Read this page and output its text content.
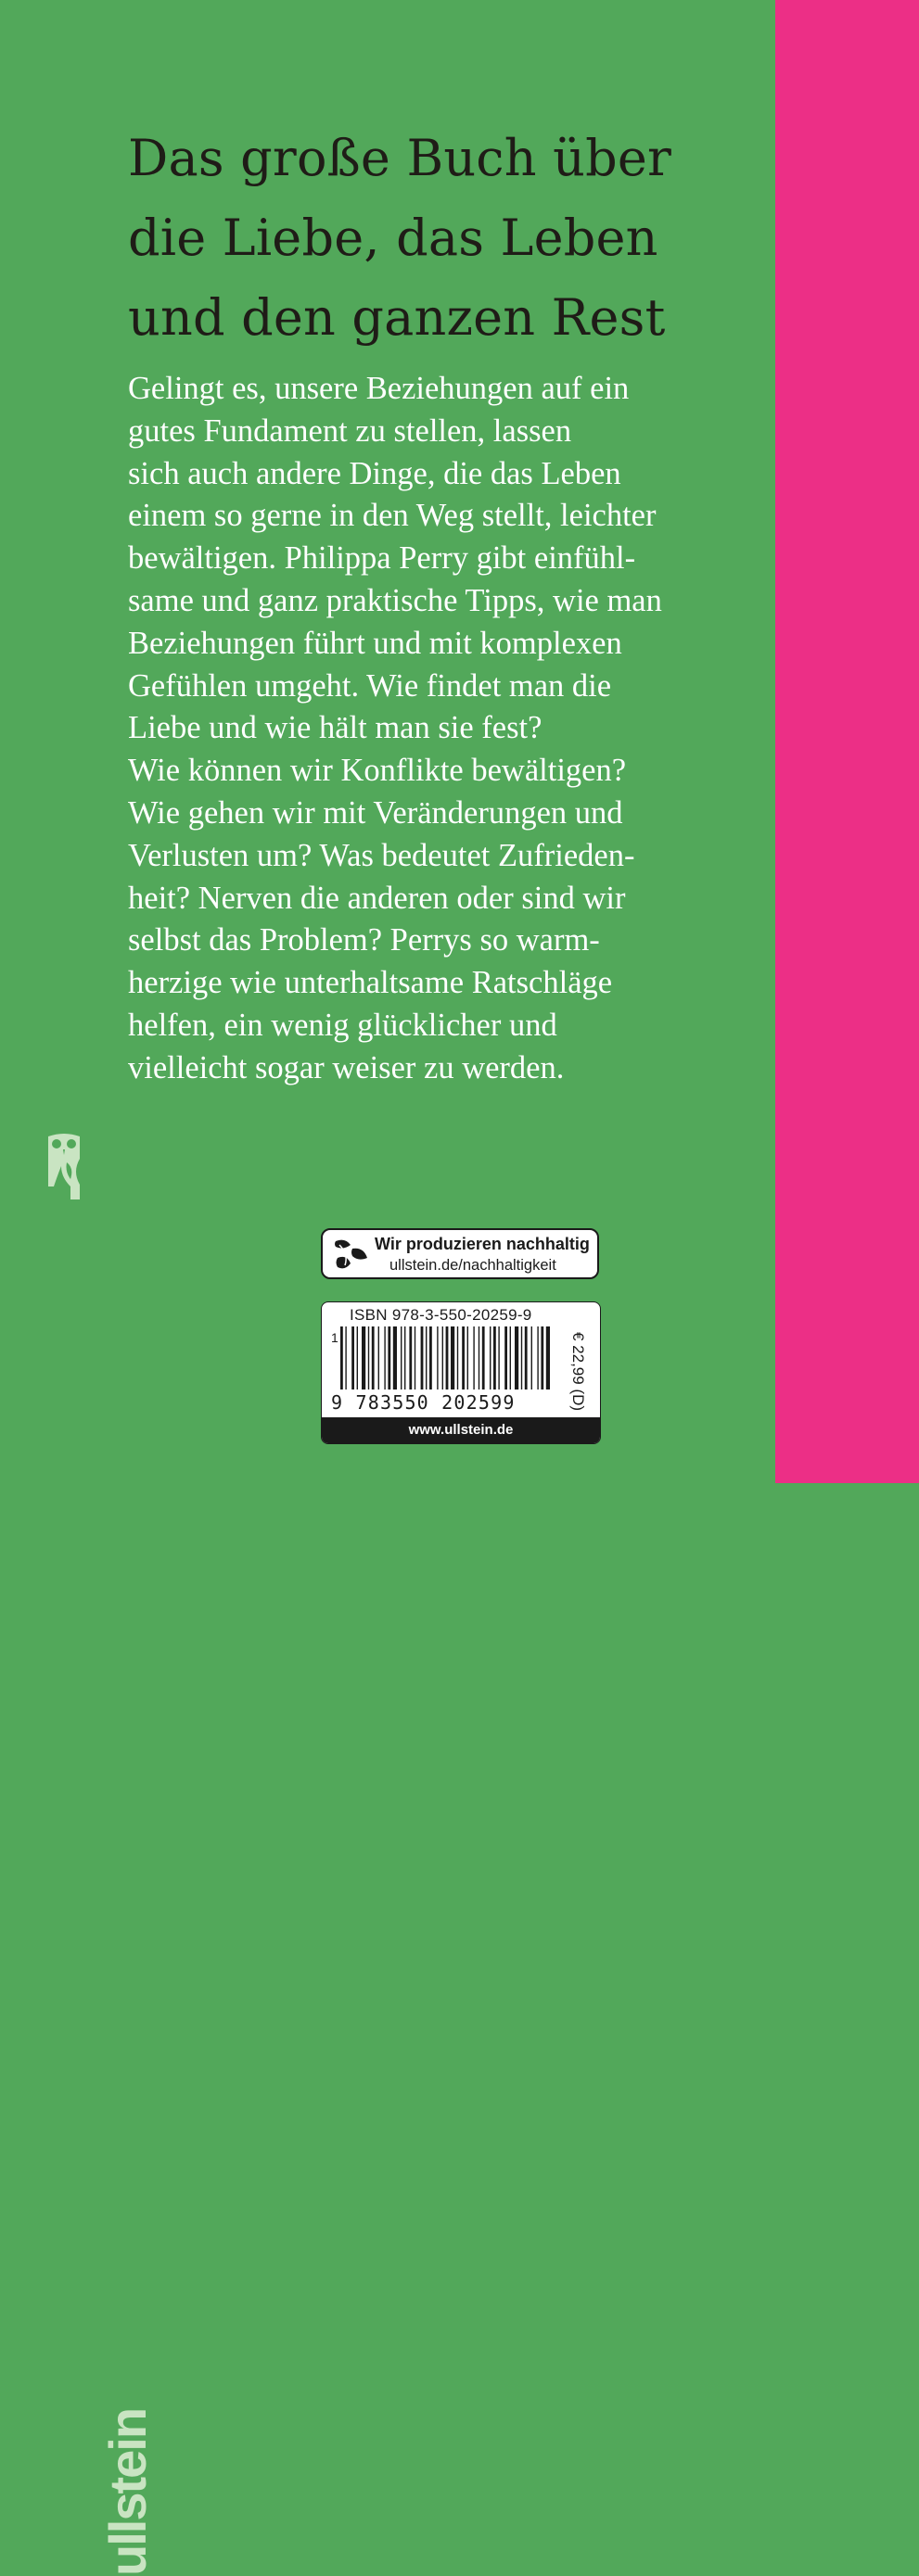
Das große Buch über
die Liebe, das Leben
und den ganzen Rest

Gelingt es, unsere Beziehungen auf ein
gutes Fundament zu stellen, lassen
sich auch andere Dinge, die das Leben
einem so gerne in den Weg stellt, leichter
bewältigen. Philippa Perry gibt einfühl-
same und ganz praktische Tipps, wie man
Beziehungen führt und mit komplexen
Gefühlen umgeht. Wie findet man die
Liebe und wie hält man sie fest?
Wie können wir Konflikte bewältigen?
Wie gehen wir mit Veränderungen und
Verlusten um? Was bedeutet Zufrieden-
heit? Nerven die anderen oder sind wir
selbst das Problem? Perrys so warm-
herzige wie unterhaltsame Ratschläge
helfen, ein wenig glücklicher und
vielleicht sogar weiser zu werden.

ullstein
Wir produzieren nachhaltig
ullstein.de/nachhaltigkeit
ISBN 978-3-550-20259-9
1
9 783550 202599	€ 22,99 (D)
www.ullstein.de
